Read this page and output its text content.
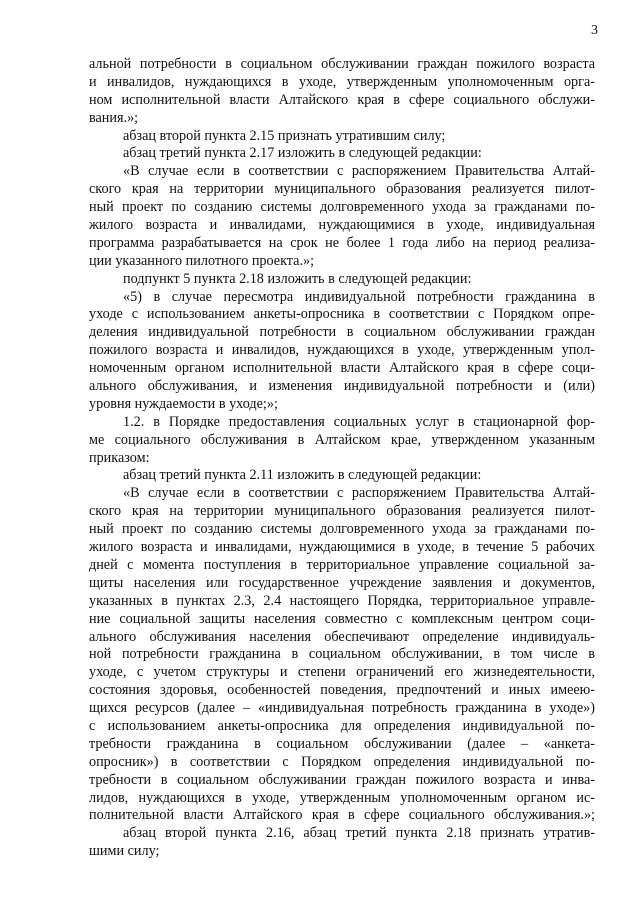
3
альной потребности в социальном обслуживании граждан пожилого возраста
и инвалидов, нуждающихся в уходе, утвержденным уполномоченным орга-
ном исполнительной власти Алтайского края в сфере социального обслужи-
вания.»;
абзац второй пункта 2.15 признать утратившим силу;
абзац третий пункта 2.17 изложить в следующей редакции:
«В случае если в соответствии с распоряжением Правительства Алтай-
ского края на территории муниципального образования реализуется пилот-
ный проект по созданию системы долговременного ухода за гражданами по-
жилого возраста и инвалидами, нуждающимися в уходе, индивидуальная
программа разрабатывается на срок не более 1 года либо на период реализа-
ции указанного пилотного проекта.»;
подпункт 5 пункта 2.18 изложить в следующей редакции:
«5) в случае пересмотра индивидуальной потребности гражданина в
уходе с использованием анкеты-опросника в соответствии с Порядком опре-
деления индивидуальной потребности в социальном обслуживании граждан
пожилого возраста и инвалидов, нуждающихся в уходе, утвержденным упол-
номоченным органом исполнительной власти Алтайского края в сфере соци-
ального обслуживания, и изменения индивидуальной потребности и (или)
уровня нуждаемости в уходе;»;
1.2. в Порядке предоставления социальных услуг в стационарной фор-
ме социального обслуживания в Алтайском крае, утвержденном указанным
приказом:
абзац третий пункта 2.11 изложить в следующей редакции:
«В случае если в соответствии с распоряжением Правительства Алтай-
ского края на территории муниципального образования реализуется пилот-
ный проект по созданию системы долговременного ухода за гражданами по-
жилого возраста и инвалидами, нуждающимися в уходе, в течение 5 рабочих
дней с момента поступления в территориальное управление социальной за-
щиты населения или государственное учреждение заявления и документов,
указанных в пунктах 2.3, 2.4 настоящего Порядка, территориальное управле-
ние социальной защиты населения совместно с комплексным центром соци-
ального обслуживания населения обеспечивают определение индивидуаль-
ной потребности гражданина в социальном обслуживании, в том числе в
уходе, с учетом структуры и степени ограничений его жизнедеятельности,
состояния здоровья, особенностей поведения, предпочтений и иных имеею-
щихся ресурсов (далее – «индивидуальная потребность гражданина в уходе»)
с использованием анкеты-опросника для определения индивидуальной по-
требности гражданина в социальном обслуживании (далее – «анкета-
опросник») в соответствии с Порядком определения индивидуальной по-
требности в социальном обслуживании граждан пожилого возраста и инва-
лидов, нуждающихся в уходе, утвержденным уполномоченным органом ис-
полнительной власти Алтайского края в сфере социального обслуживания.»;
абзац второй пункта 2.16, абзац третий пункта 2.18 признать утратив-
шими силу;
